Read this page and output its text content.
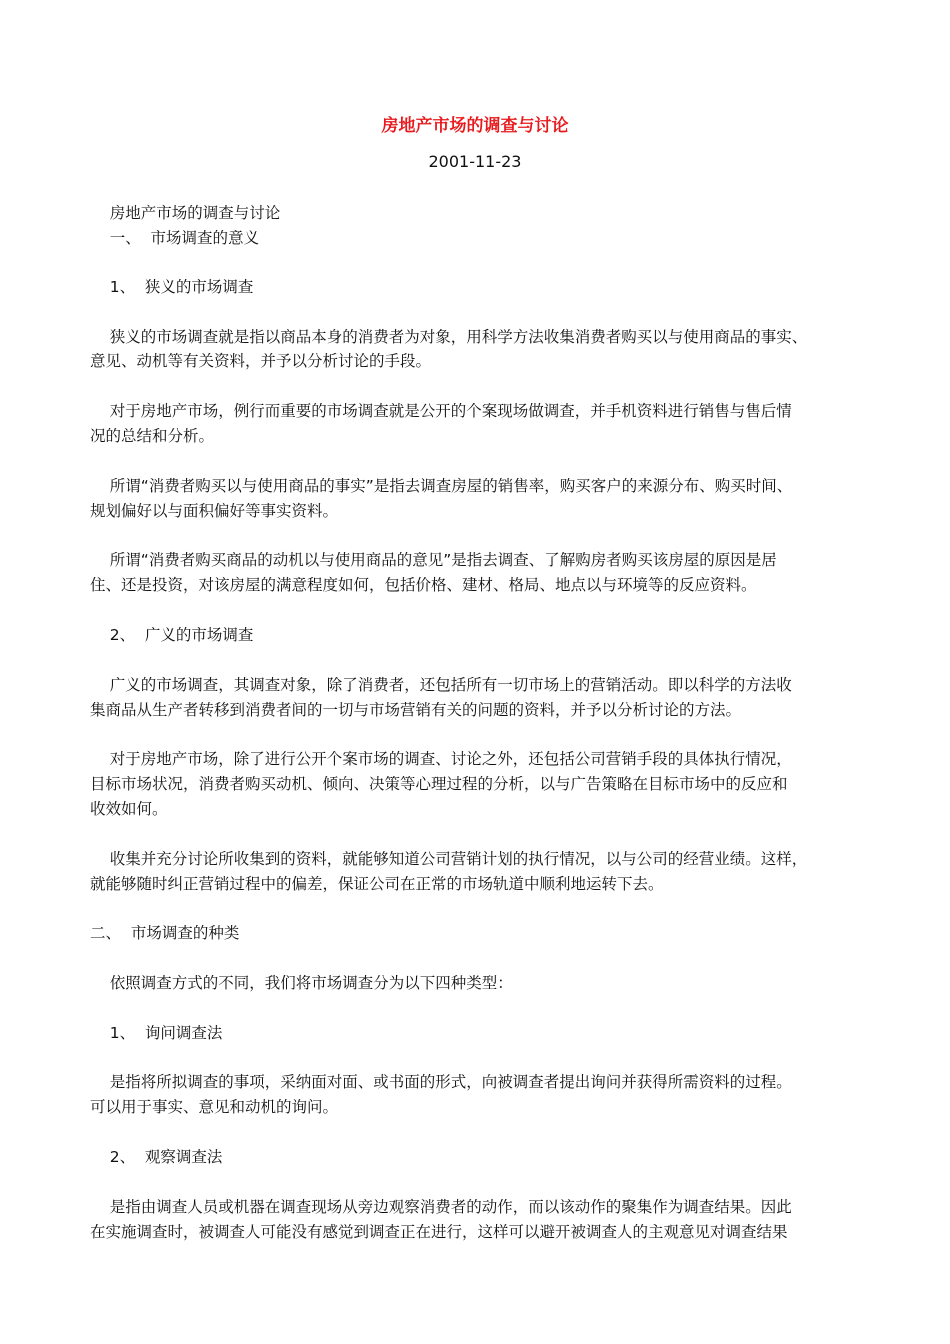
房地产市场的调查与讨论
2001-11-23
房地产市场的调查与讨论
一、  市场调查的意义
1、  狭义的市场调查
狭义的市场调查就是指以商品本身的消费者为对象，用科学方法收集消费者购买以与使用商品的事实、
意见、动机等有关资料，并予以分析讨论的手段。
对于房地产市场，例行而重要的市场调查就是公开的个案现场做调查，并手机资料进行销售与售后情
况的总结和分析。
所谓“消费者购买以与使用商品的事实”是指去调查房屋的销售率，购买客户的来源分布、购买时间、
规划偏好以与面积偏好等事实资料。
所谓“消费者购买商品的动机以与使用商品的意见”是指去调查、了解购房者购买该房屋的原因是居
住、还是投资，对该房屋的满意程度如何，包括价格、建材、格局、地点以与环境等的反应资料。
2、  广义的市场调查
广义的市场调查，其调查对象，除了消费者，还包括所有一切市场上的营销活动。即以科学的方法收
集商品从生产者转移到消费者间的一切与市场营销有关的问题的资料，并予以分析讨论的方法。
对于房地产市场，除了进行公开个案市场的调查、讨论之外，还包括公司营销手段的具体执行情况，
目标市场状况，消费者购买动机、倾向、决策等心理过程的分析，以与广告策略在目标市场中的反应和
收效如何。
收集并充分讨论所收集到的资料，就能够知道公司营销计划的执行情况，以与公司的经营业绩。这样，
就能够随时纠正营销过程中的偏差，保证公司在正常的市场轨道中顺利地运转下去。
二、  市场调查的种类
依照调查方式的不同，我们将市场调查分为以下四种类型：
1、  询问调查法
是指将所拟调查的事项，采纳面对面、或书面的形式，向被调查者提出询问并获得所需资料的过程。
可以用于事实、意见和动机的询问。
2、  观察调查法
是指由调查人员或机器在调查现场从旁边观察消费者的动作，而以该动作的聚集作为调查结果。因此
在实施调查时，被调查人可能没有感觉到调查正在进行，这样可以避开被调查人的主观意见对调查结果
